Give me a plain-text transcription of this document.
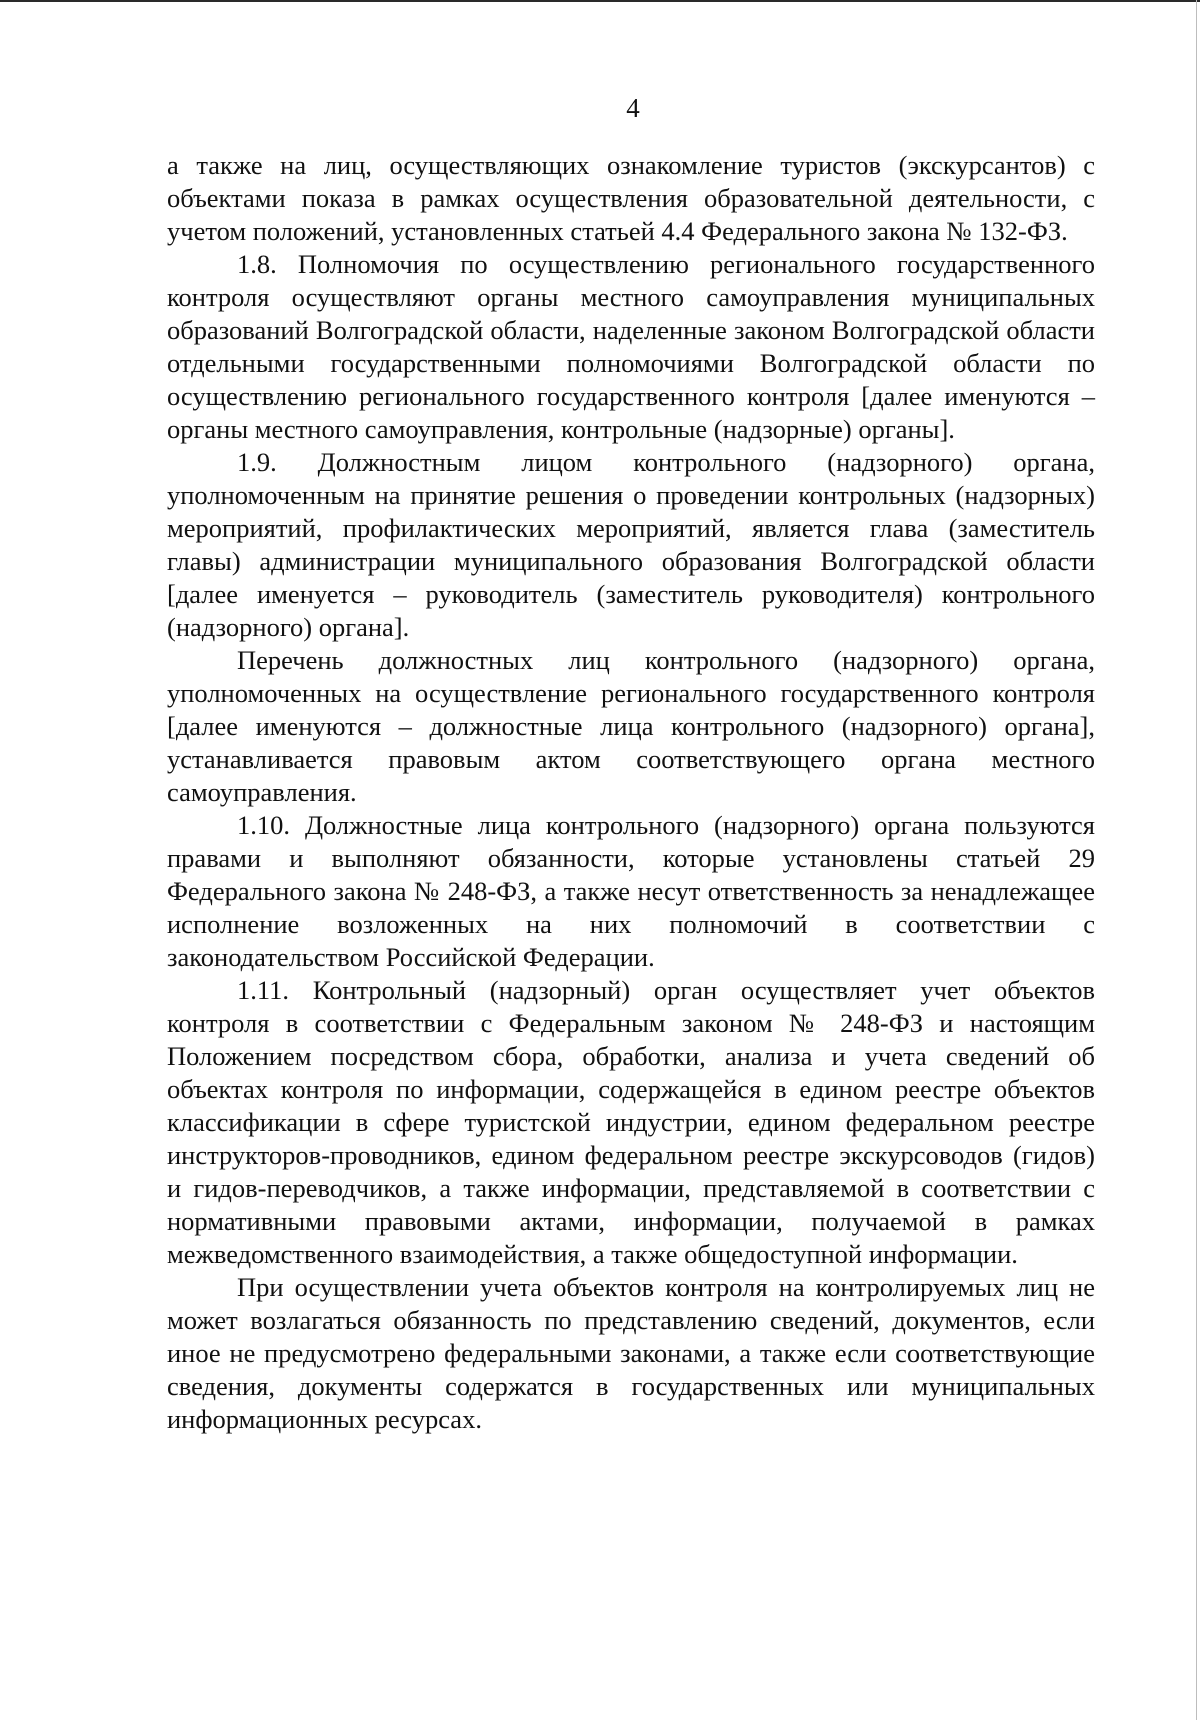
4

а также на лиц, осуществляющих ознакомление туристов (экскурсантов) с объектами показа в рамках осуществления образовательной деятельности, с учетом положений, установленных статьей 4.4 Федерального закона № 132-ФЗ.

1.8. Полномочия по осуществлению регионального государственного контроля осуществляют органы местного самоуправления муниципальных образований Волгоградской области, наделенные законом Волгоградской области отдельными государственными полномочиями Волгоградской области по осуществлению регионального государственного контроля [далее именуются – органы местного самоуправления, контрольные (надзорные) органы].

1.9. Должностным лицом контрольного (надзорного) органа, уполномоченным на принятие решения о проведении контрольных (надзорных) мероприятий, профилактических мероприятий, является глава (заместитель главы) администрации муниципального образования Волгоградской области [далее именуется – руководитель (заместитель руководителя) контрольного (надзорного) органа].

Перечень должностных лиц контрольного (надзорного) органа, уполномоченных на осуществление регионального государственного контроля [далее именуются – должностные лица контрольного (надзорного) органа], устанавливается правовым актом соответствующего органа местного самоуправления.

1.10. Должностные лица контрольного (надзорного) органа пользуются правами и выполняют обязанности, которые установлены статьей 29 Федерального закона № 248-ФЗ, а также несут ответственность за ненадлежащее исполнение возложенных на них полномочий в соответствии с законодательством Российской Федерации.

1.11. Контрольный (надзорный) орган осуществляет учет объектов контроля в соответствии с Федеральным законом № 248-ФЗ и настоящим Положением посредством сбора, обработки, анализа и учета сведений об объектах контроля по информации, содержащейся в едином реестре объектов классификации в сфере туристской индустрии, едином федеральном реестре инструкторов-проводников, едином федеральном реестре экскурсоводов (гидов) и гидов-переводчиков, а также информации, представляемой в соответствии с нормативными правовыми актами, информации, получаемой в рамках межведомственного взаимодействия, а также общедоступной информации.

При осуществлении учета объектов контроля на контролируемых лиц не может возлагаться обязанность по представлению сведений, документов, если иное не предусмотрено федеральными законами, а также если соответствующие сведения, документы содержатся в государственных или муниципальных информационных ресурсах.
